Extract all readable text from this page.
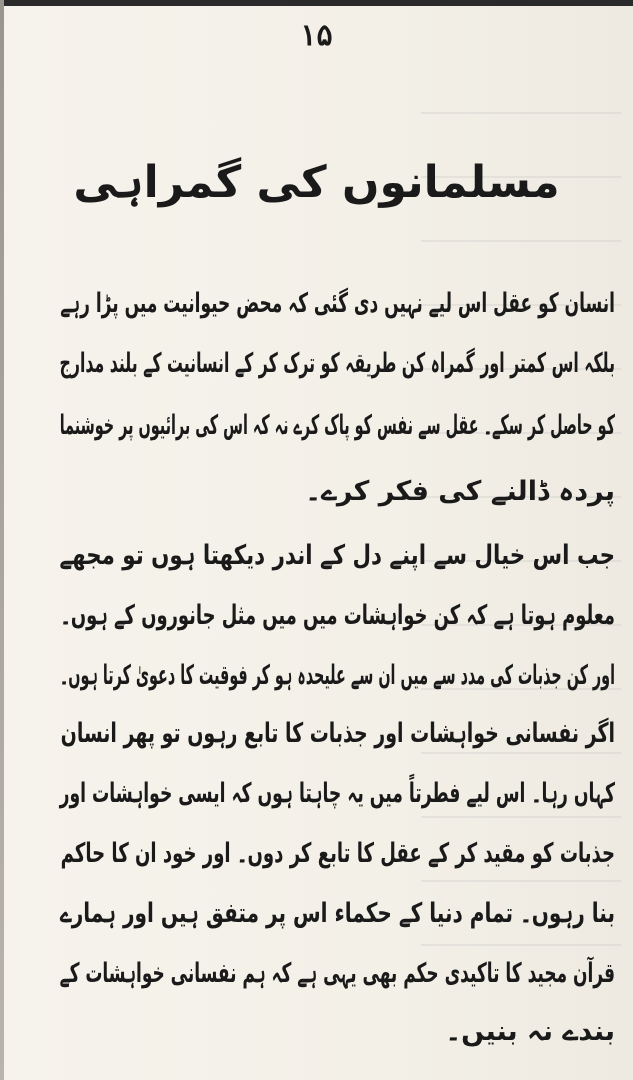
۱۵
مسلمانوں کی گمراہی
انسان کو عقل اس لیے نہیں دی گئی کہ محض حیوانیت میں پڑا رہے
بلکہ اس کمتر اور گمراہ کن طریقہ کو ترک کر کے انسانیت کے بلند مدارج
کو حاصل کر سکے۔ عقل سے نفس کو پاک کرے نہ کہ اس کی برائیوں پر خوشنما
پردہ ڈالنے کی فکر کرے۔
جب اس خیال سے اپنے دل کے اندر دیکھتا ہوں تو مجھے
معلوم ہوتا ہے کہ کن خواہشات میں میں مثل جانوروں کے ہوں۔
اور کن جذبات کی مدد سے میں ان سے علیحدہ ہو کر فوقیت کا دعویٰ کرتا ہوں۔
اگر نفسانی خواہشات اور جذبات کا تابع رہوں تو پھر انسان
کہاں رہا۔ اس لیے فطرتاً میں یہ چاہتا ہوں کہ ایسی خواہشات اور
جذبات کو مقید کر کے عقل کا تابع کر دوں۔ اور خود ان کا حاکم
بنا رہوں۔ تمام دنیا کے حکماء اس پر متفق ہیں اور ہمارے
قرآن مجید کا تاکیدی حکم بھی یہی ہے کہ ہم نفسانی خواہشات کے
بندے نہ بنیں۔
